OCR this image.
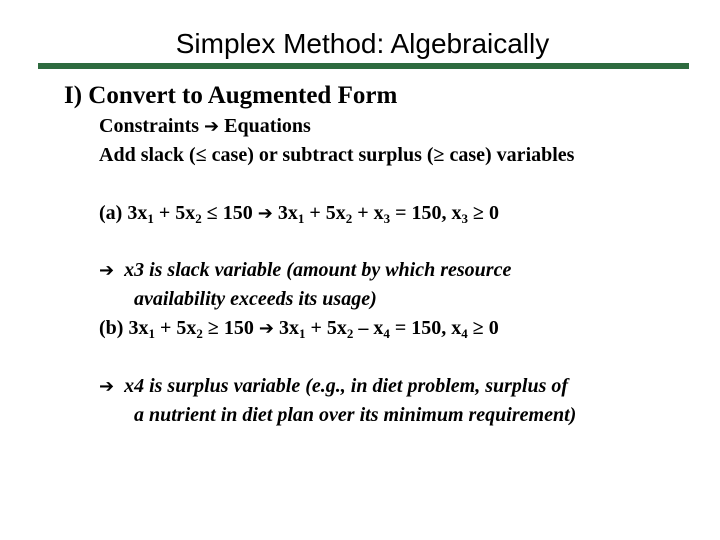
Simplex Method: Algebraically
I) Convert to Augmented Form
Constraints ➔ Equations
Add slack (≤ case) or subtract surplus (≥ case) variables
(a) $3x_1 + 5x_2 \le 150$ ➔ $3x_1 + 5x_2 + x_3 = 150$, $x_3 \ge 0$
➔ x3 is slack variable (amount by which resource
availability exceeds its usage)
(b) $3x_1 + 5x_2 \ge 150$ ➔ $3x_1 + 5x_2 - x_4 = 150$, $x_4 \ge 0$
➔ x4 is surplus variable (e.g., in diet problem, surplus of
a nutrient in diet plan over its minimum requirement)
